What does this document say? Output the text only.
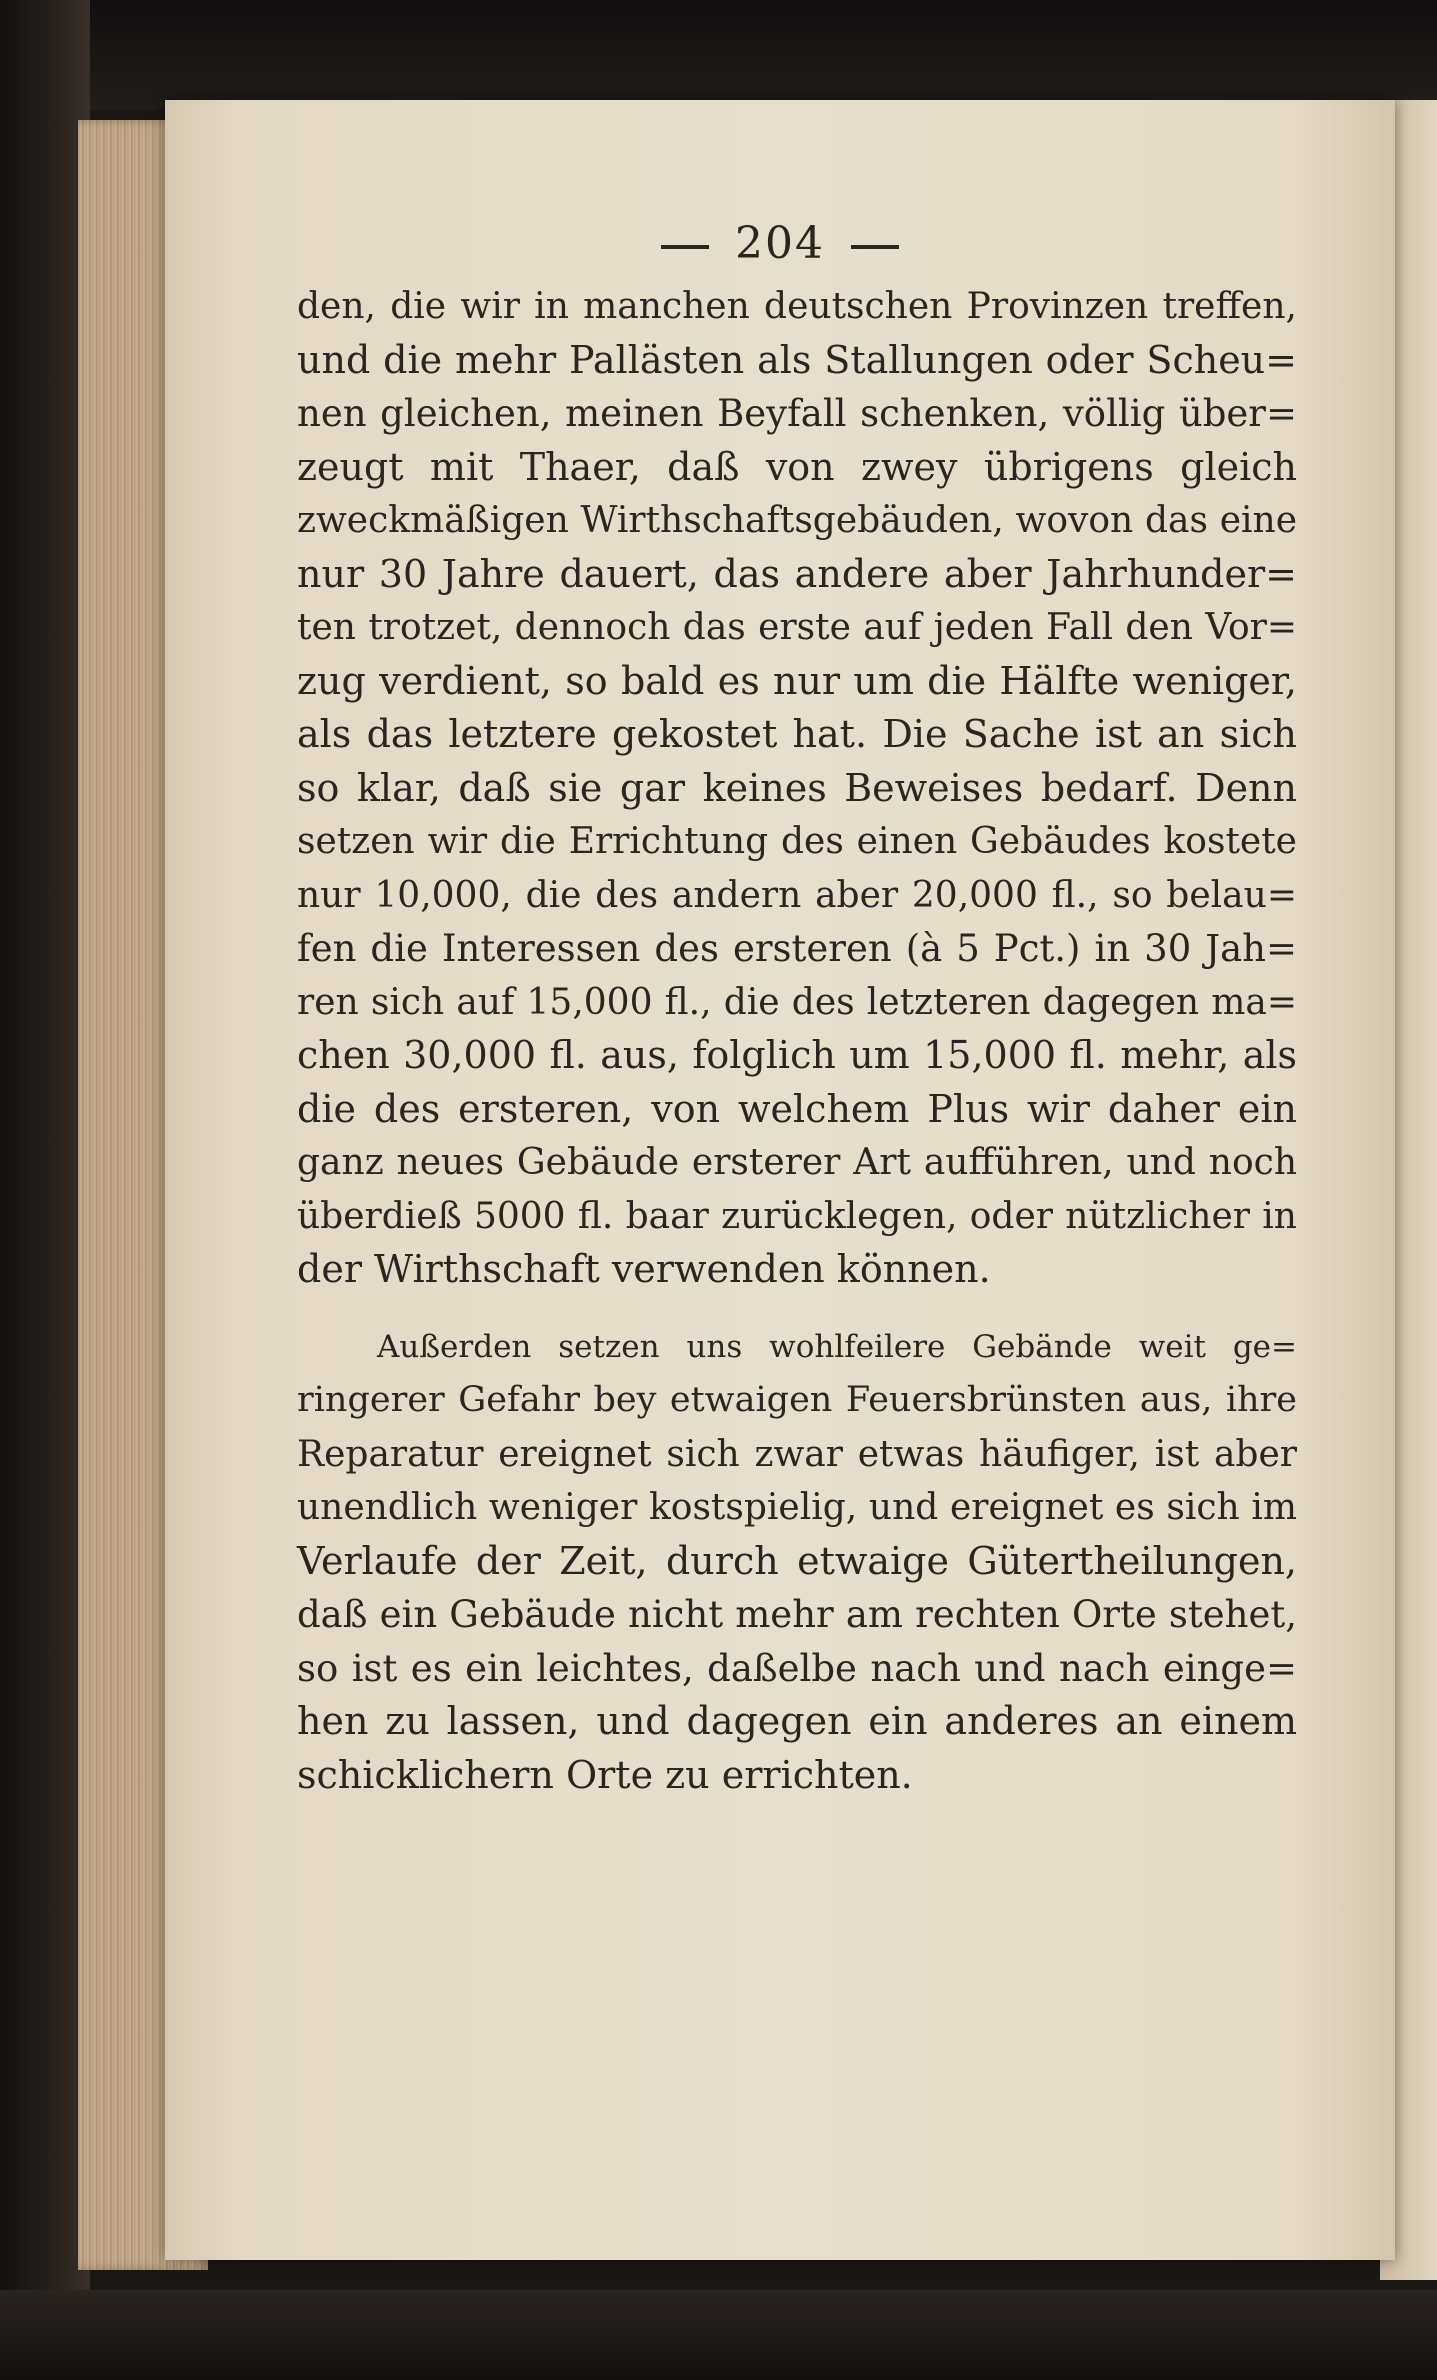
204
den, die wir in manchen deutschen Provinzen treffen,
und die mehr Pallästen als Stallungen oder Scheu=
nen gleichen, meinen Beyfall schenken, völlig über=
zeugt mit Thaer, daß von zwey übrigens gleich
zweckmäßigen Wirthschaftsgebäuden, wovon das eine
nur 30 Jahre dauert, das andere aber Jahrhunder=
ten trotzet, dennoch das erste auf jeden Fall den Vor=
zug verdient, so bald es nur um die Hälfte weniger,
als das letztere gekostet hat. Die Sache ist an sich
so klar, daß sie gar keines Beweises bedarf. Denn
setzen wir die Errichtung des einen Gebäudes kostete
nur 10,000, die des andern aber 20,000 fl., so belau=
fen die Interessen des ersteren (à 5 Pct.) in 30 Jah=
ren sich auf 15,000 fl., die des letzteren dagegen ma=
chen 30,000 fl. aus, folglich um 15,000 fl. mehr, als
die des ersteren, von welchem Plus wir daher ein
ganz neues Gebäude ersterer Art aufführen, und noch
überdieß 5000 fl. baar zurücklegen, oder nützlicher in
der Wirthschaft verwenden können.
Außerden setzen uns wohlfeilere Gebände weit ge=
ringerer Gefahr bey etwaigen Feuersbrünsten aus, ihre
Reparatur ereignet sich zwar etwas häufiger, ist aber
unendlich weniger kostspielig, und ereignet es sich im
Verlaufe der Zeit, durch etwaige Gütertheilungen,
daß ein Gebäude nicht mehr am rechten Orte stehet,
so ist es ein leichtes, daßelbe nach und nach einge=
hen zu lassen, und dagegen ein anderes an einem
schicklichern Orte zu errichten.
